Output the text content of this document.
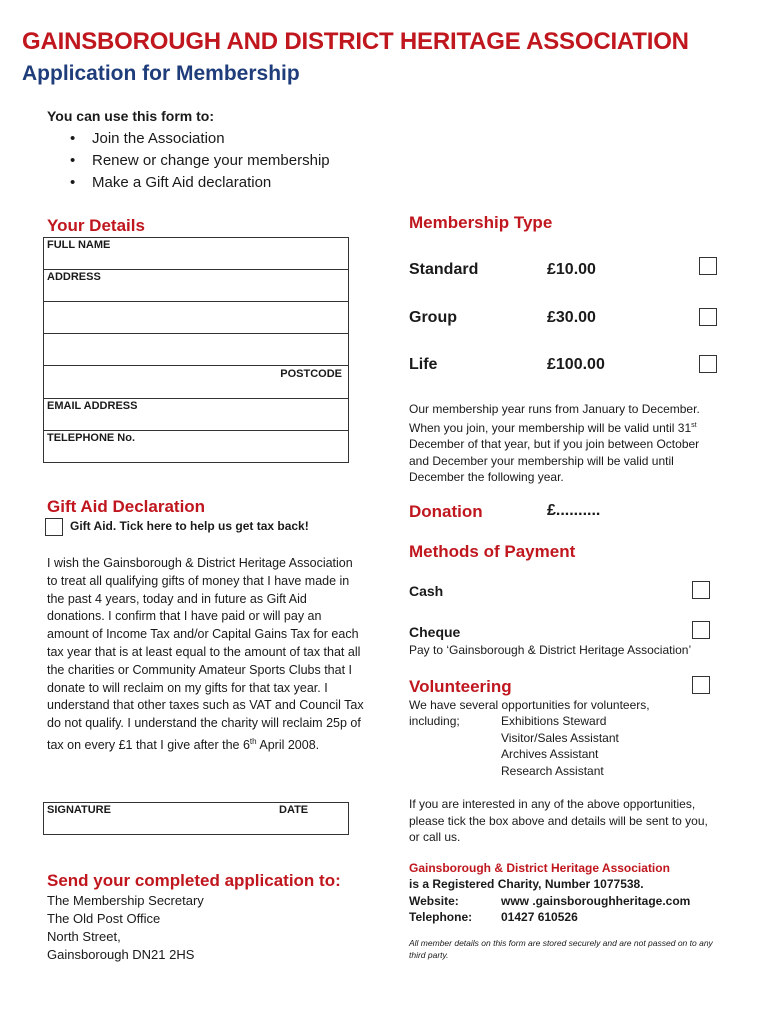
GAINSBOROUGH AND DISTRICT HERITAGE ASSOCIATION
Application for Membership
You can use this form to:
• Join the Association
• Renew or change your membership
• Make a Gift Aid declaration
Your Details
FULL NAME
ADDRESS
POSTCODE
EMAIL ADDRESS
TELEPHONE No.
Gift Aid Declaration
Gift Aid. Tick here to help us get tax back!
I wish the Gainsborough & District Heritage Association to treat all qualifying gifts of money that I have made in the past 4 years, today and in future as Gift Aid donations. I confirm that I have paid or will pay an amount of Income Tax and/or Capital Gains Tax for each tax year that is at least equal to the amount of tax that all the charities or Community Amateur Sports Clubs that I donate to will reclaim on my gifts for that tax year. I understand that other taxes such as VAT and Council Tax do not qualify. I understand the charity will reclaim 25p of tax on every £1 that I give after the 6th April 2008.
SIGNATURE	DATE
Send your completed application to:
The Membership Secretary
The Old Post Office
North Street,
Gainsborough DN21 2HS
Membership Type
Standard	£10.00
Group	£30.00
Life	£100.00
Our membership year runs from January to December. When you join, your membership will be valid until 31st December of that year, but if you join between October and December your membership will be valid until December the following year.
Donation	£..........
Methods of Payment
Cash
Cheque
Pay to ‘Gainsborough & District Heritage Association’
Volunteering
We have several opportunities for volunteers,
including;	Exhibitions Steward
Visitor/Sales Assistant
Archives Assistant
Research Assistant
If you are interested in any of the above opportunities, please tick the box above and details will be sent to you, or call us.
Gainsborough & District Heritage Association
is a Registered Charity, Number 1077538.
Website:	www .gainsboroughheritage.com
Telephone: 01427 610526
All member details on this form are stored securely and are not passed on to any third party.
